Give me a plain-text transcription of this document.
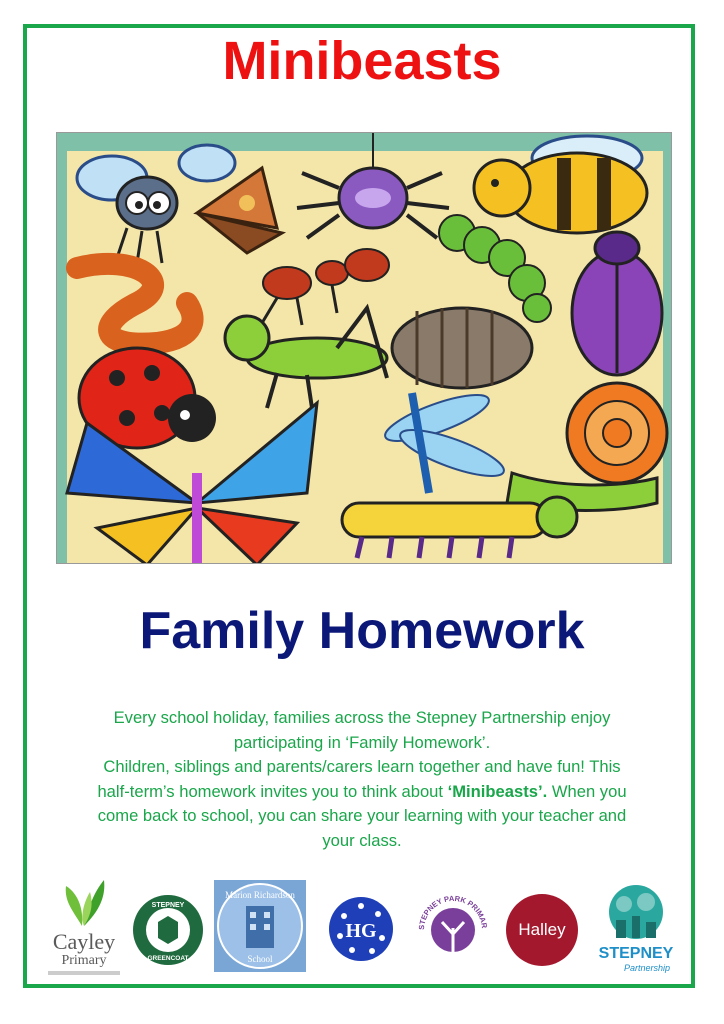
Minibeasts
Family Homework
Every school holiday, families across the Stepney Partnership enjoy
participating in ‘Family Homework’.
Children, siblings and parents/carers learn together and have fun! This
half-term’s homework invites you to think about ‘Minibeasts’. When you
come back to school, you can share your learning with your teacher and
your class.
Cayley
Primary
STEPNEY
GREENCOAT
Marion Richardson
School
HG	STEPNEY PARK PRIMAR	Halley
STEPNEY
Partnership
